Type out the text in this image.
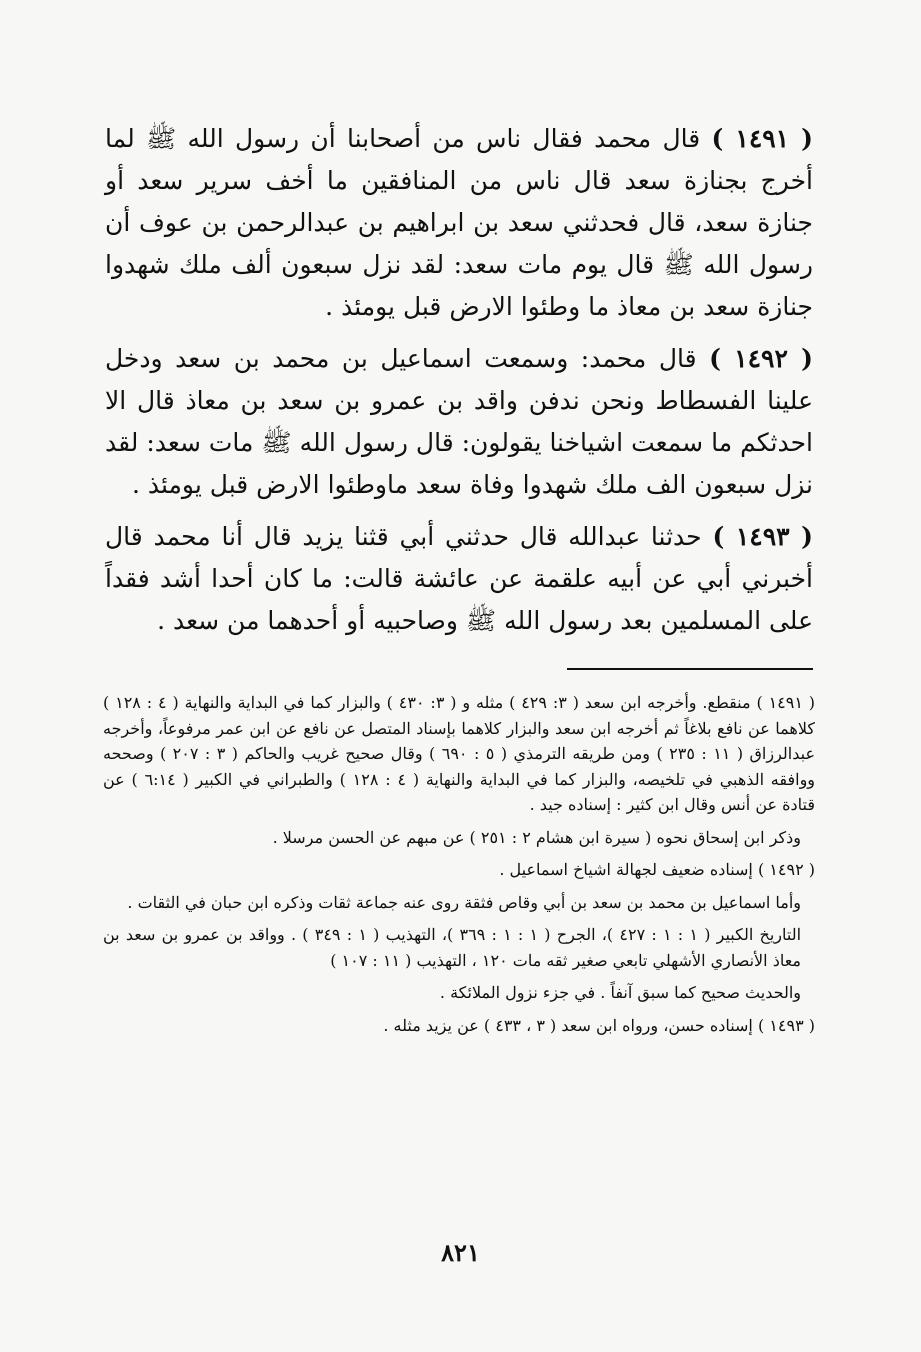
( ١٤٩١ ) قال محمد فقال ناس من أصحابنا أن رسول الله ﷺ لما أخرج بجنازة سعد قال ناس من المنافقين ما أخف سرير سعد أو جنازة سعد، قال فحدثني سعد بن ابراهيم بن عبدالرحمن بن عوف أن رسول الله ﷺ قال يوم مات سعد: لقد نزل سبعون ألف ملك شهدوا جنازة سعد بن معاذ ما وطئوا الارض قبل يومئذ .

( ١٤٩٢ ) قال محمد: وسمعت اسماعيل بن محمد بن سعد ودخل علينا الفسطاط ونحن ندفن واقد بن عمرو بن سعد بن معاذ قال الا احدثكم ما سمعت اشياخنا يقولون: قال رسول الله ﷺ مات سعد: لقد نزل سبعون الف ملك شهدوا وفاة سعد ماوطئوا الارض قبل يومئذ .

( ١٤٩٣ ) حدثنا عبدالله قال حدثني أبي قثنا يزيد قال أنا محمد قال أخبرني أبي عن أبيه علقمة عن عائشة قالت: ما كان أحدا أشد فقداً على المسلمين بعد رسول الله ﷺ وصاحبيه أو أحدهما من سعد .

( ١٤٩١ ) منقطع. وأخرجه ابن سعد ( ٣: ٤٢٩ ) مثله و ( ٣: ٤٣٠ ) والبزار كما في البداية والنهاية ( ٤ : ١٢٨ ) كلاهما عن نافع بلاغاً ثم أخرجه ابن سعد والبزار كلاهما بإسناد المتصل عن نافع عن ابن عمر مرفوعاً، وأخرجه عبدالرزاق ( ١١ : ٢٣٥ ) ومن طريقه الترمذي ( ٥ : ٦٩٠ ) وقال صحيح غريب والحاكم ( ٣ : ٢٠٧ ) وصححه ووافقه الذهبي في تلخيصه، والبزار كما في البداية والنهاية ( ٤ : ١٢٨ ) والطبراني في الكبير ( ٦:١٤ ) عن قتادة عن أنس وقال ابن كثير : إسناده جيد .

وذكر ابن إسحاق نحوه ( سيرة ابن هشام ٢ : ٢٥١ ) عن مبهم عن الحسن مرسلا .

( ١٤٩٢ ) إسناده ضعيف لجهالة اشياخ اسماعيل .

وأما اسماعيل بن محمد بن سعد بن أبي وقاص فثقة روى عنه جماعة ثقات وذكره ابن حبان في الثقات .

التاريخ الكبير ( ١ : ١ : ٤٢٧ )، الجرح ( ١ : ١ : ٣٦٩ )، التهذيب ( ١ : ٣٤٩ ) . وواقد بن عمرو بن سعد بن معاذ الأنصاري الأشهلي تابعي صغير ثقه مات ١٢٠ ، التهذيب ( ١١ : ١٠٧ )

والحديث صحيح كما سبق آنفاً . في جزء نزول الملائكة .

( ١٤٩٣ ) إسناده حسن، ورواه ابن سعد ( ٣ ، ٤٣٣ ) عن يزيد مثله .

٨٢١
